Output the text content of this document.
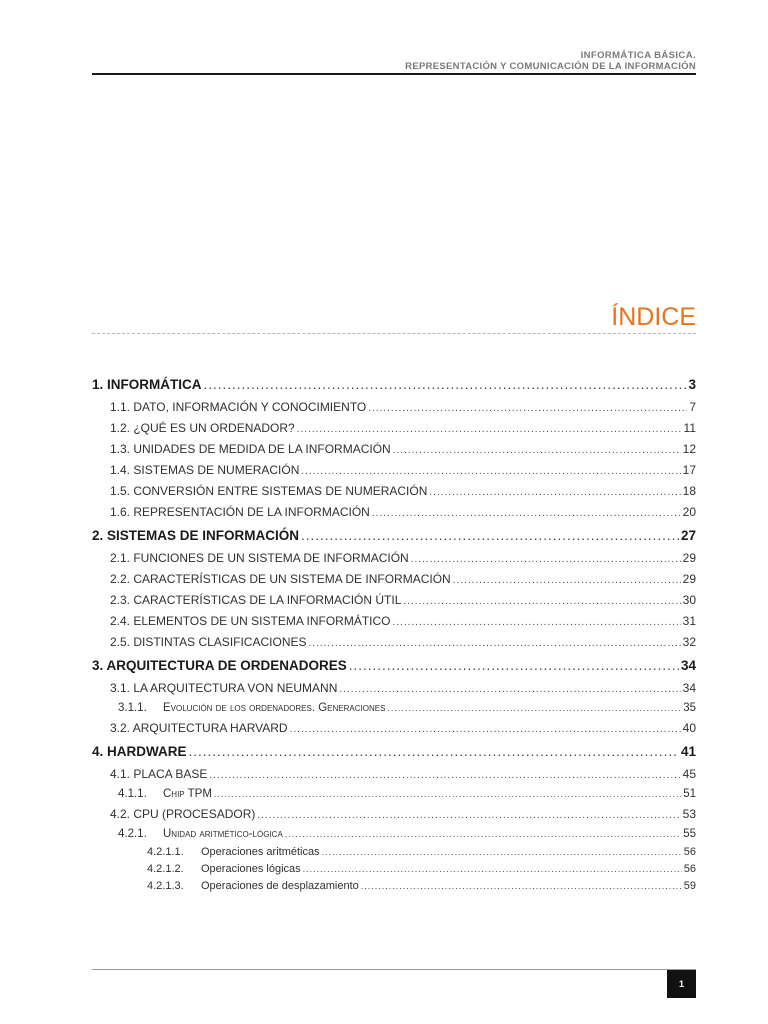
INFORMÁTICA BÁSICA.
REPRESENTACIÓN Y COMUNICACIÓN DE LA INFORMACIÓN
ÍNDICE
1. INFORMÁTICA .....	3
1.1. DATO, INFORMACIÓN Y CONOCIMIENTO .....	7
1.2. ¿QUÉ ES UN ORDENADOR? .....	11
1.3. UNIDADES DE MEDIDA DE LA INFORMACIÓN .....	12
1.4. SISTEMAS DE NUMERACIÓN .....	17
1.5. CONVERSIÓN ENTRE SISTEMAS DE NUMERACIÓN .....	18
1.6. REPRESENTACIÓN DE LA INFORMACIÓN .....	20
2. SISTEMAS DE INFORMACIÓN .....	27
2.1. FUNCIONES DE UN SISTEMA DE INFORMACIÓN .....	29
2.2. CARACTERÍSTICAS DE UN SISTEMA DE INFORMACIÓN .....	29
2.3. CARACTERÍSTICAS DE LA INFORMACIÓN ÚTIL .....	30
2.4. ELEMENTOS DE UN SISTEMA INFORMÁTICO .....	31
2.5. DISTINTAS CLASIFICACIONES .....	32
3. ARQUITECTURA DE ORDENADORES .....	34
3.1. LA ARQUITECTURA VON NEUMANN .....	34
3.1.1. Evolución de los ordenadores. Generaciones .....	35
3.2. ARQUITECTURA HARVARD .....	40
4. HARDWARE .....	41
4.1. PLACA BASE .....	45
4.1.1. Chip TPM .....	51
4.2. CPU (PROCESADOR) .....	53
4.2.1. Unidad aritmético-lógica .....	55
4.2.1.1. Operaciones aritméticas .....	56
4.2.1.2. Operaciones lógicas .....	56
4.2.1.3. Operaciones de desplazamiento .....	59
1
